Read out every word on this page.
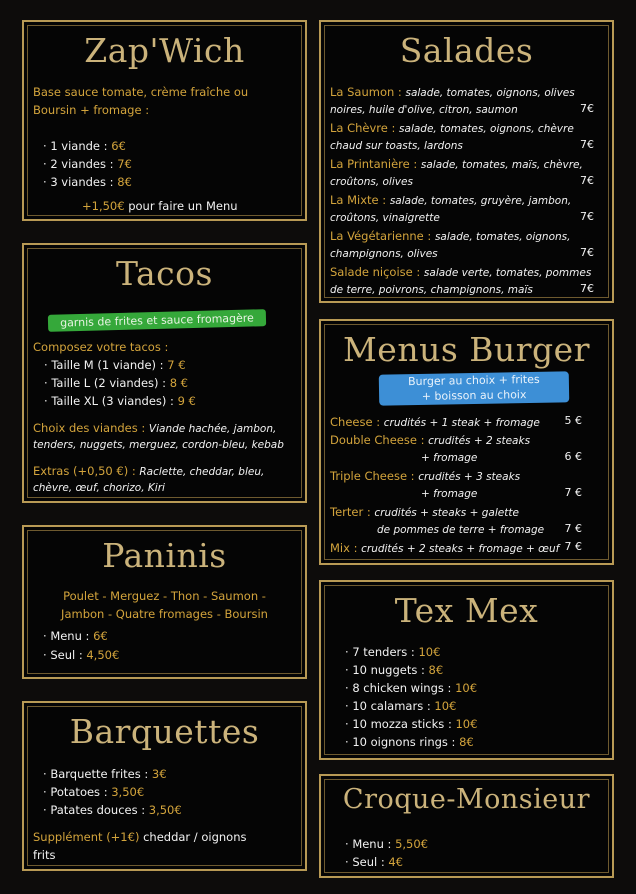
Zap'Wich
Base sauce tomate, crème fraîche ou
Boursin + fromage :
· 1 viande : 6€
· 2 viandes : 7€
· 3 viandes : 8€
+1,50€ pour faire un Menu
Tacos
garnis de frites et sauce fromagère
Composez votre tacos :
· Taille M (1 viande) : 7 €
· Taille L (2 viandes) : 8 €
· Taille XL (3 viandes) : 9 €
Choix des viandes : Viande hachée, jambon,
tenders, nuggets, merguez, cordon-bleu, kebab
Extras (+0,50 €) : Raclette, cheddar, bleu,
chèvre, œuf, chorizo, Kiri
Paninis
Poulet - Merguez - Thon - Saumon -
Jambon - Quatre fromages - Boursin
· Menu : 6€
· Seul : 4,50€
Barquettes
· Barquette frites : 3€
· Potatoes : 3,50€
· Patates douces : 3,50€
Supplément (+1€) cheddar / oignons
frits
Salades
La Saumon : salade, tomates, oignons, olives
noires, huile d'olive, citron, saumon	7€
La Chèvre : salade, tomates, oignons, chèvre
chaud sur toasts, lardons	7€
La Printanière : salade, tomates, maïs, chèvre,
croûtons, olives	7€
La Mixte : salade, tomates, gruyère, jambon,
croûtons, vinaigrette	7€
La Végétarienne : salade, tomates, oignons,
champignons, olives	7€
Salade niçoise : salade verte, tomates, pommes
de terre, poivrons, champignons, maïs	7€
Menus Burger
Burger au choix + frites
+ boisson au choix
Cheese : crudités + 1 steak + fromage 5 €
Double Cheese : crudités + 2 steaks
+ fromage	6 €
Triple Cheese : crudités + 3 steaks
+ fromage	7 €
Terter : crudités + steaks + galette
de pommes de terre + fromage 7 €
Mix : crudités + 2 steaks + fromage + œuf 7 €
Tex Mex
· 7 tenders : 10€
· 10 nuggets : 8€
· 8 chicken wings : 10€
· 10 calamars : 10€
· 10 mozza sticks : 10€
· 10 oignons rings : 8€
Croque-Monsieur
· Menu : 5,50€
· Seul : 4€
